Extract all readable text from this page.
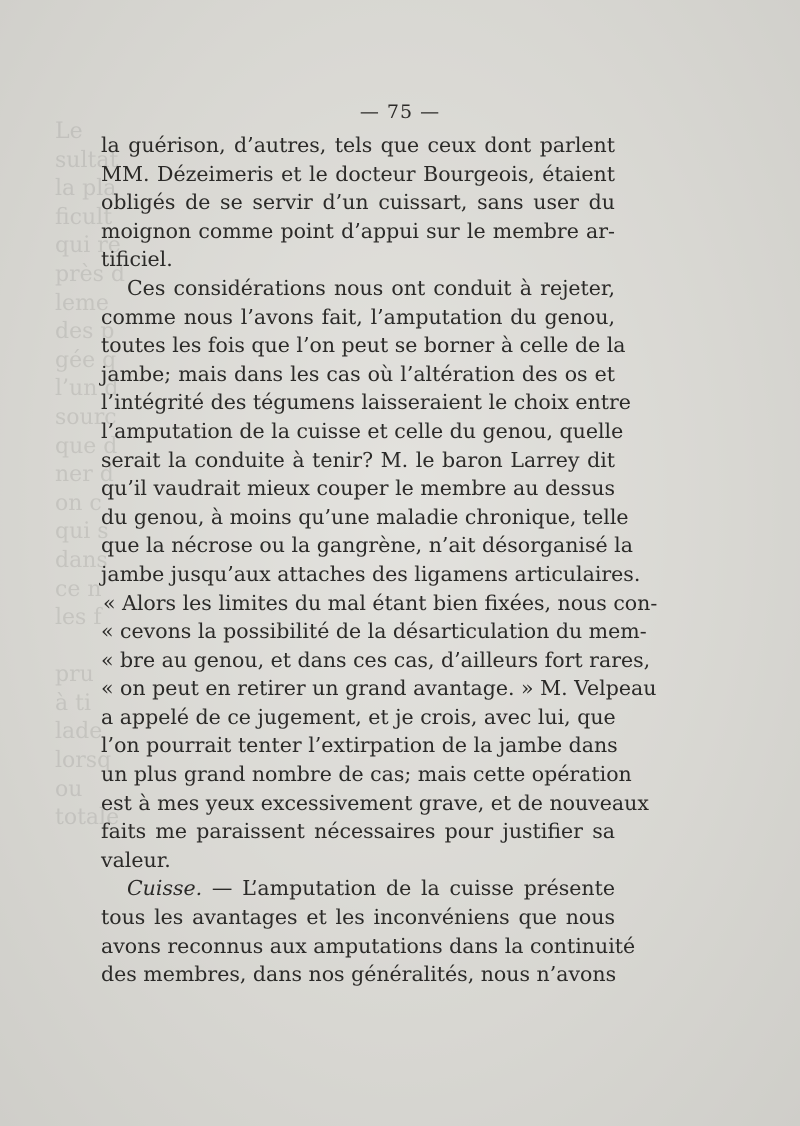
Le
sultat
la pla
ficult
qui re
près d
leme
des p
gée q
l’un d
sourc
que d
ner d
on c
qui s
dans
ce n
les f

pru
à ti
lade
lorsq
ou
totale
— 75 —
la guérison, d’autres, tels que ceux dont parlent
MM. Dézeimeris et le docteur Bourgeois, étaient
obligés de se servir d’un cuissart, sans user du
moignon comme point d’appui sur le membre ar-
tificiel.
Ces considérations nous ont conduit à rejeter,
comme nous l’avons fait, l’amputation du genou,
toutes les fois que l’on peut se borner à celle de la
jambe; mais dans les cas où l’altération des os et
l’intégrité des tégumens laisseraient le choix entre
l’amputation de la cuisse et celle du genou, quelle
serait la conduite à tenir? M. le baron Larrey dit
qu’il vaudrait mieux couper le membre au dessus
du genou, à moins qu’une maladie chronique, telle
que la nécrose ou la gangrène, n’ait désorganisé la
jambe jusqu’aux attaches des ligamens articulaires.
« Alors les limites du mal étant bien fixées, nous con-
« cevons la possibilité de la désarticulation du mem-
« bre au genou, et dans ces cas, d’ailleurs fort rares,
« on peut en retirer un grand avantage. » M. Velpeau
a appelé de ce jugement, et je crois, avec lui, que
l’on pourrait tenter l’extirpation de la jambe dans
un plus grand nombre de cas; mais cette opération
est à mes yeux excessivement grave, et de nouveaux
faits me paraissent nécessaires pour justifier sa
valeur.
Cuisse. — L’amputation de la cuisse présente
tous les avantages et les inconvéniens que nous
avons reconnus aux amputations dans la continuité
des membres, dans nos généralités, nous n’avons
